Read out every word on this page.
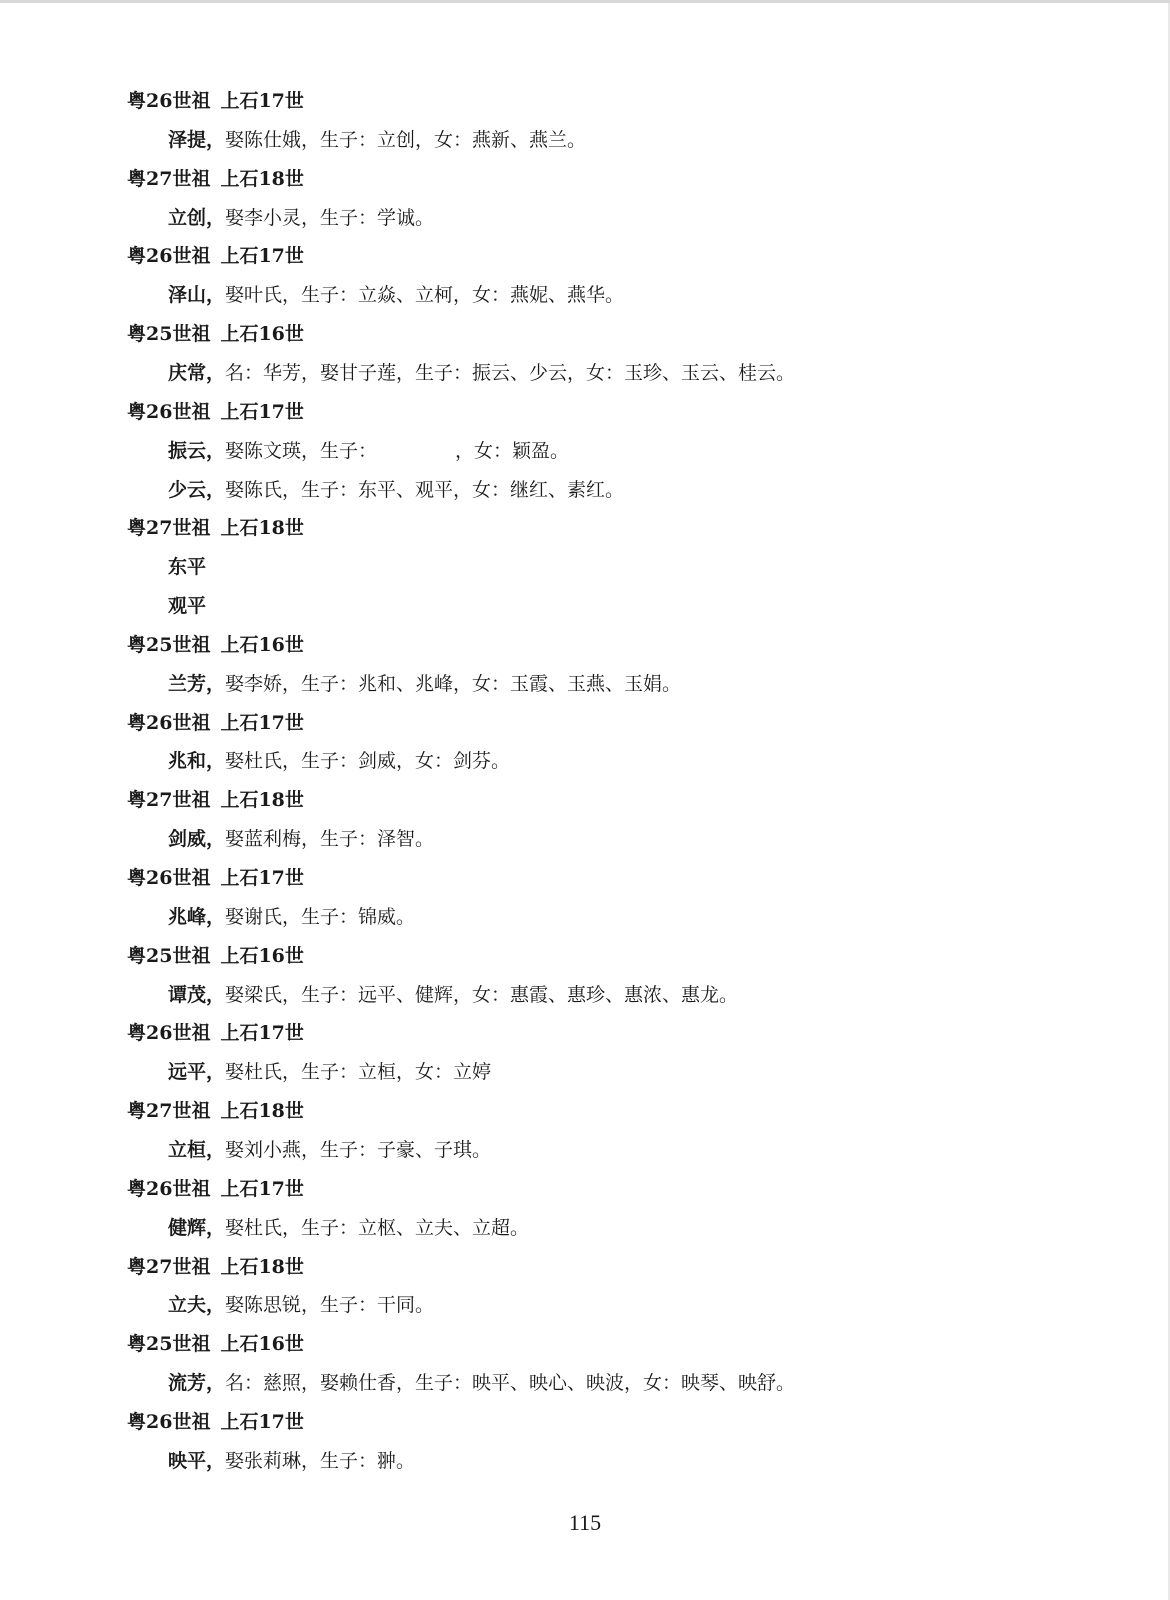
粤26世祖 上石17世
泽提，娶陈仕娥，生子：立创，女：燕新、燕兰。
粤27世祖 上石18世
立创，娶李小灵，生子：学诚。
粤26世祖 上石17世
泽山，娶叶氏，生子：立焱、立柯，女：燕妮、燕华。
粤25世祖 上石16世
庆常，名：华芳，娶甘子莲，生子：振云、少云，女：玉珍、玉云、桂云。
粤26世祖 上石17世
振云，娶陈文瑛，生子：	，女：颖盈。
少云，娶陈氏，生子：东平、观平，女：继红、素红。
粤27世祖 上石18世
东平
观平
粤25世祖 上石16世
兰芳，娶李娇，生子：兆和、兆峰，女：玉霞、玉燕、玉娟。
粤26世祖 上石17世
兆和，娶杜氏，生子：剑威，女：剑芬。
粤27世祖 上石18世
剑威，娶蓝利梅，生子：泽智。
粤26世祖 上石17世
兆峰，娶谢氏，生子：锦威。
粤25世祖 上石16世
谭茂，娶梁氏，生子：远平、健辉，女：惠霞、惠珍、惠浓、惠龙。
粤26世祖 上石17世
远平，娶杜氏，生子：立桓，女：立婷
粤27世祖 上石18世
立桓，娶刘小燕，生子：子豪、子琪。
粤26世祖 上石17世
健辉，娶杜氏，生子：立枢、立夫、立超。
粤27世祖 上石18世
立夫，娶陈思锐，生子：干同。
粤25世祖 上石16世
流芳，名：慈照，娶赖仕香，生子：映平、映心、映波，女：映琴、映舒。
粤26世祖 上石17世
映平，娶张莉琳，生子：翀。
115
